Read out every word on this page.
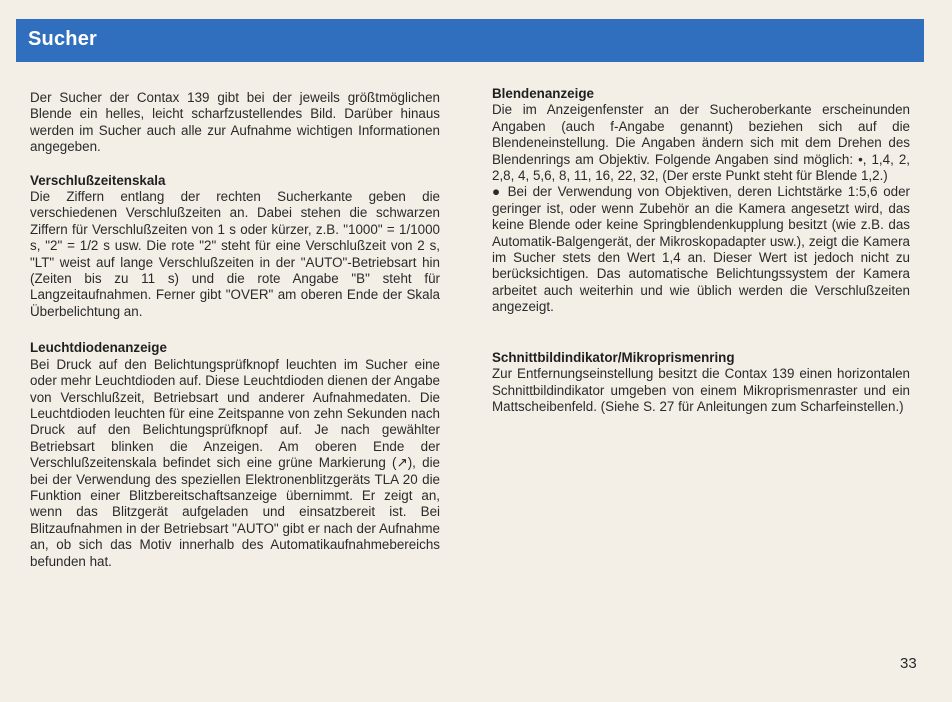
Sucher

Der Sucher der Contax 139 gibt bei der jeweils größtmöglichen Blende ein helles, leicht scharfzustellendes Bild. Darüber hinaus werden im Sucher auch alle zur Aufnahme wichtigen Informationen angegeben.

Verschlußzeitenskala

Die Ziffern entlang der rechten Sucherkante geben die verschiedenen Verschlußzeiten an. Dabei stehen die schwarzen Ziffern für Verschlußzeiten von 1 s oder kürzer, z.B. "1000" = 1/1000 s, "2" = 1/2 s usw. Die rote "2" steht für eine Verschlußzeit von 2 s, "LT" weist auf lange Verschlußzeiten in der "AUTO"-Betriebsart hin (Zeiten bis zu 11 s) und die rote Angabe "B" steht für Langzeitaufnahmen. Ferner gibt "OVER" am oberen Ende der Skala Überbelichtung an.

Leuchtdiodenanzeige

Bei Druck auf den Belichtungsprüfknopf leuchten im Sucher eine oder mehr Leuchtdioden auf. Diese Leuchtdioden dienen der Angabe von Verschlußzeit, Betriebsart und anderer Aufnahmedaten. Die Leuchtdioden leuchten für eine Zeitspanne von zehn Sekunden nach Druck auf den Belichtungsprüfknopf auf. Je nach gewählter Betriebsart blinken die Anzeigen. Am oberen Ende der Verschlußzeitenskala befindet sich eine grüne Markierung (↗), die bei der Verwendung des speziellen Elektronenblitzgeräts TLA 20 die Funktion einer Blitzbereitschaftsanzeige übernimmt. Er zeigt an, wenn das Blitzgerät aufgeladen und einsatzbereit ist. Bei Blitzaufnahmen in der Betriebsart "AUTO" gibt er nach der Aufnahme an, ob sich das Motiv innerhalb des Automatikaufnahmebereichs befunden hat.

Blendenanzeige

Die im Anzeigenfenster an der Sucheroberkante erscheinunden Angaben (auch f-Angabe genannt) beziehen sich auf die Blendeneinstellung. Die Angaben ändern sich mit dem Drehen des Blendenrings am Objektiv. Folgende Angaben sind möglich: •, 1,4, 2, 2,8, 4, 5,6, 8, 11, 16, 22, 32, (Der erste Punkt steht für Blende 1,2.)

● Bei der Verwendung von Objektiven, deren Lichtstärke 1:5,6 oder geringer ist, oder wenn Zubehör an die Kamera angesetzt wird, das keine Blende oder keine Springblendenkupplung besitzt (wie z.B. das Automatik-Balgengerät, der Mikroskopadapter usw.), zeigt die Kamera im Sucher stets den Wert 1,4 an. Dieser Wert ist jedoch nicht zu berücksichtigen. Das automatische Belichtungssystem der Kamera arbeitet auch weiterhin und wie üblich werden die Verschlußzeiten angezeigt.

Schnittbildindikator/Mikroprismenring

Zur Entfernungseinstellung besitzt die Contax 139 einen horizontalen Schnittbildindikator umgeben von einem Mikroprismenraster und ein Mattscheibenfeld. (Siehe S. 27 für Anleitungen zum Scharfeinstellen.)

33
